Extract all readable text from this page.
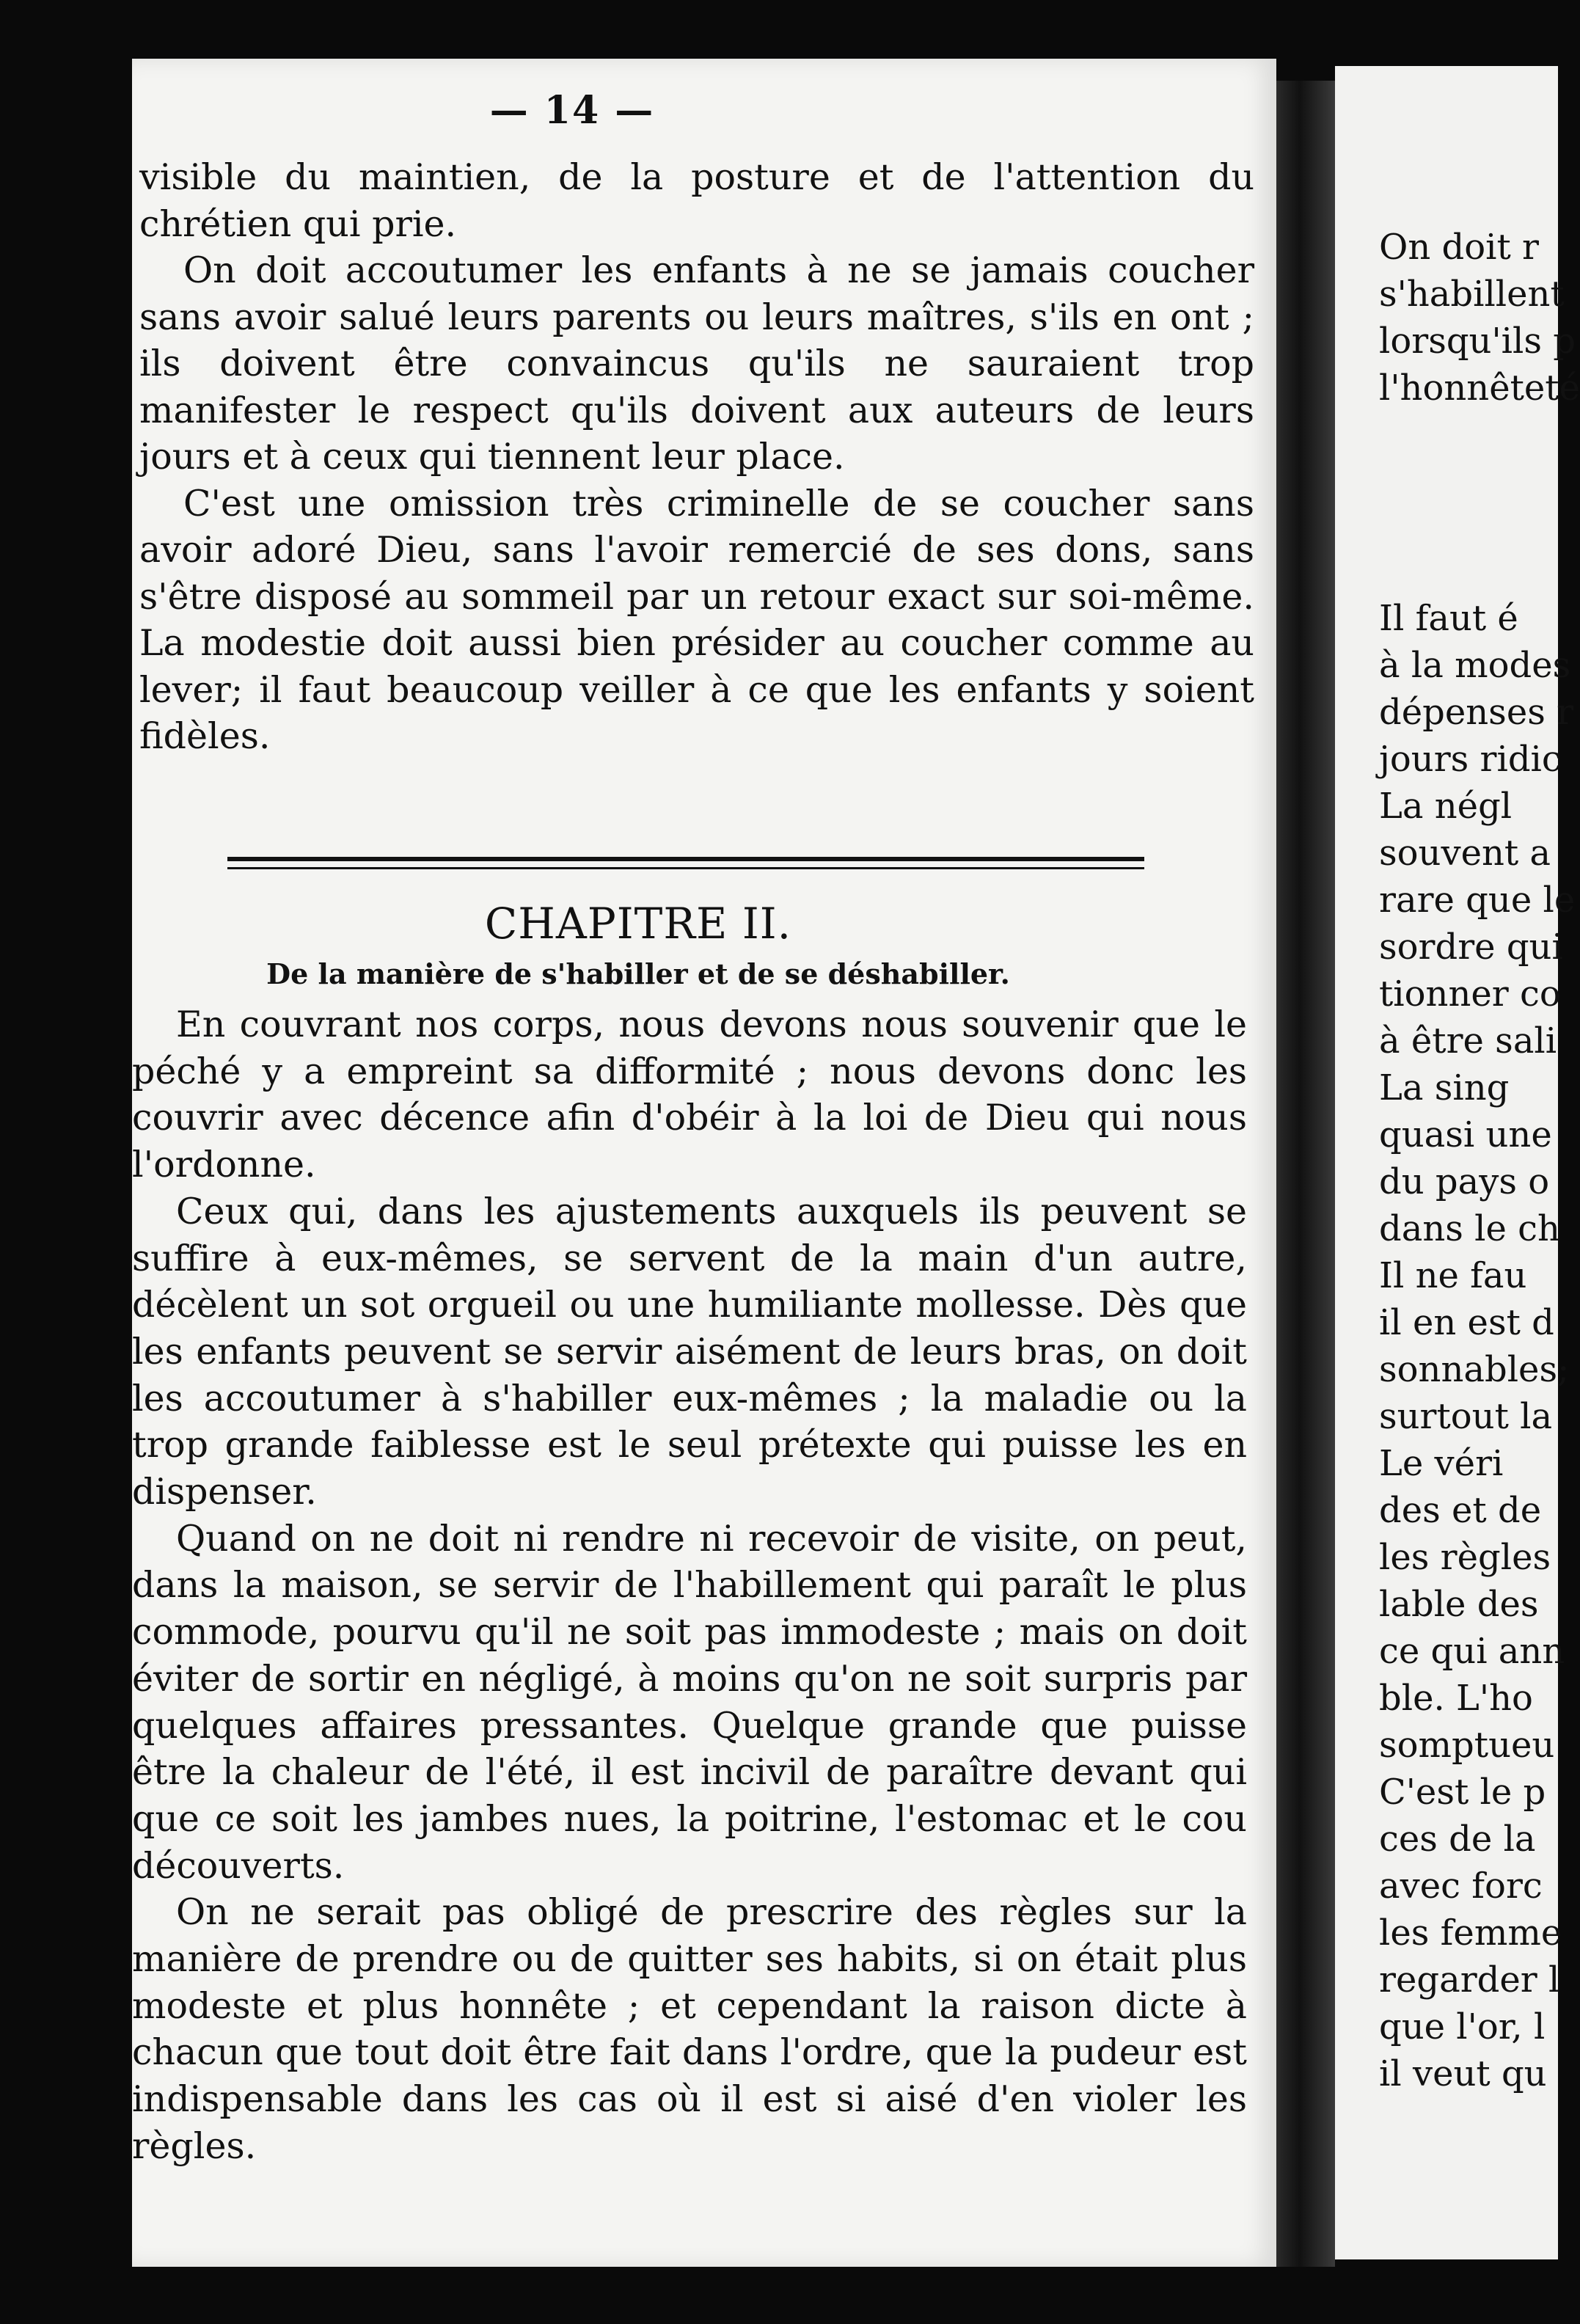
— 14 —

visible du maintien, de la posture et de l'attention du chrétien qui prie.

On doit accoutumer les enfants à ne se jamais coucher sans avoir salué leurs parents ou leurs maîtres, s'ils en ont ; ils doivent être convaincus qu'ils ne sauraient trop manifester le respect qu'ils doivent aux auteurs de leurs jours et à ceux qui tiennent leur place.

C'est une omission très criminelle de se coucher sans avoir adoré Dieu, sans l'avoir remercié de ses dons, sans s'être disposé au sommeil par un retour exact sur soi-même. La modestie doit aussi bien présider au coucher comme au lever; il faut beaucoup veiller à ce que les enfants y soient fidèles.

CHAPITRE II.
De la manière de s'habiller et de se déshabiller.

En couvrant nos corps, nous devons nous souvenir que le péché y a empreint sa difformité ; nous devons donc les couvrir avec décence afin d'obéir à la loi de Dieu qui nous l'ordonne.

Ceux qui, dans les ajustements auxquels ils peuvent se suffire à eux-mêmes, se servent de la main d'un autre, décèlent un sot orgueil ou une humiliante mollesse. Dès que les enfants peuvent se servir aisément de leurs bras, on doit les accoutumer à s'habiller eux-mêmes ; la maladie ou la trop grande faiblesse est le seul prétexte qui puisse les en dispenser.

Quand on ne doit ni rendre ni recevoir de visite, on peut, dans la maison, se servir de l'habillement qui paraît le plus commode, pourvu qu'il ne soit pas immodeste ; mais on doit éviter de sortir en négligé, à moins qu'on ne soit surpris par quelques affaires pressantes. Quelque grande que puisse être la chaleur de l'été, il est incivil de paraître devant qui que ce soit les jambes nues, la poitrine, l'estomac et le cou découverts.

On ne serait pas obligé de prescrire des règles sur la manière de prendre ou de quitter ses habits, si on était plus modeste et plus honnête ; et cependant la raison dicte à chacun que tout doit être fait dans l'ordre, que la pudeur est indispensable dans les cas où il est si aisé d'en violer les règles.

On doit r
s'habillent
lorsqu'ils p
l'honnêteté
Il faut é
à la modes
dépenses r
jours ridic
La négl
souvent a
rare que le
sordre qui
tionner co
à être sali
La sing
quasi une
du pays o
dans le ch
Il ne fau
il en est d
sonnables;
surtout la
Le véri
des et de
les règles
lable des
ce qui ann
ble. L'ho
somptueu
C'est le p
ces de la
avec forc
les femme
regarder l
que l'or, l
il veut qu
